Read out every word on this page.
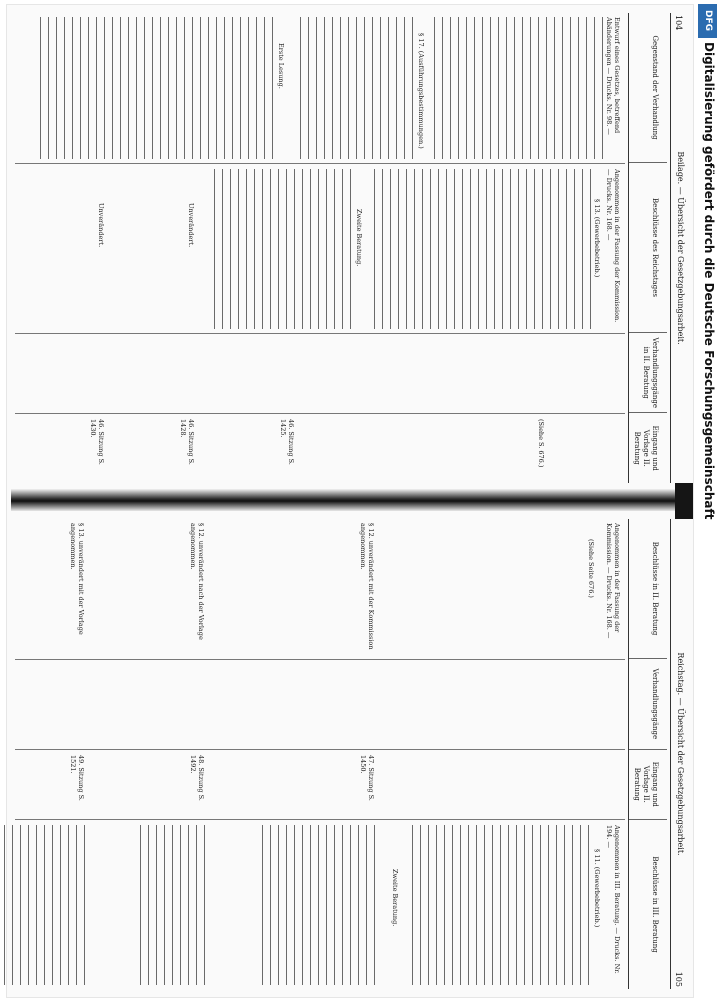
104
Beilage. — Übersicht der Gesetzgebungsarbeit.
Gegenstand der Verhandlung
Beschlüsse des Reichstages
Verhandlungsgänge in II. Beratung
Eingang und Vorlage II. Beratung
Entwurf eines Gesetzes, betreffend Abänderungen — Drucks. Nr. 98. —
§ 17. (Ausführungsbestimmungen.)
Erste Lesung.
Angenommen in der Fassung der Kommission. — Drucks. Nr. 168. —
§ 13. (Gewerbebetrieb.)
Zweite Beratung.
Unverändert.
Unverändert.
(Siehe S. 676.)
46. Sitzung S. 1425.
46. Sitzung S. 1428.
46. Sitzung S. 1430.
Reichstag. — Übersicht der Gesetzgebungsarbeit.
105
Beschlüsse in II. Beratung
Verhandlungsgänge
Eingang und Vorlage II. Beratung
Beschlüsse in III. Beratung
Angenommen in der Fassung der Kommission. — Drucks. Nr. 168. —
(Siehe Seite 676.)
§ 12. unverändert mit der Kommission angenommen.
§ 12. unverändert nach der Vorlage angenommen.
§ 13. unverändert mit der Vorlage angenommen.
47. Sitzung S. 1450.
48. Sitzung S. 1492.
49. Sitzung S. 1521.
Angenommen in III. Beratung. — Drucks. Nr. 194. —
§ 11. (Gewerbebetrieb.)
Zweite Beratung.
DFG
Digitalisierung gefördert durch die Deutsche Forschungsgemeinschaft
